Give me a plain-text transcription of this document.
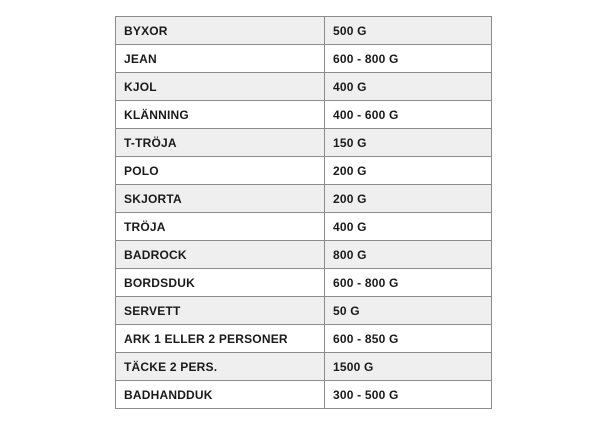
BYXOR	500 G
JEAN	600 - 800 G
KJOL	400 G
KLÄNNING	400 - 600 G
T-TRÖJA	150 G
POLO	200 G
SKJORTA	200 G
TRÖJA	400 G
BADROCK	800 G
BORDSDUK	600 - 800 G
SERVETT	50 G
ARK 1 ELLER 2 PERSONER	600 - 850 G
TÄCKE 2 PERS.	1500 G
BADHANDDUK	300 - 500 G
